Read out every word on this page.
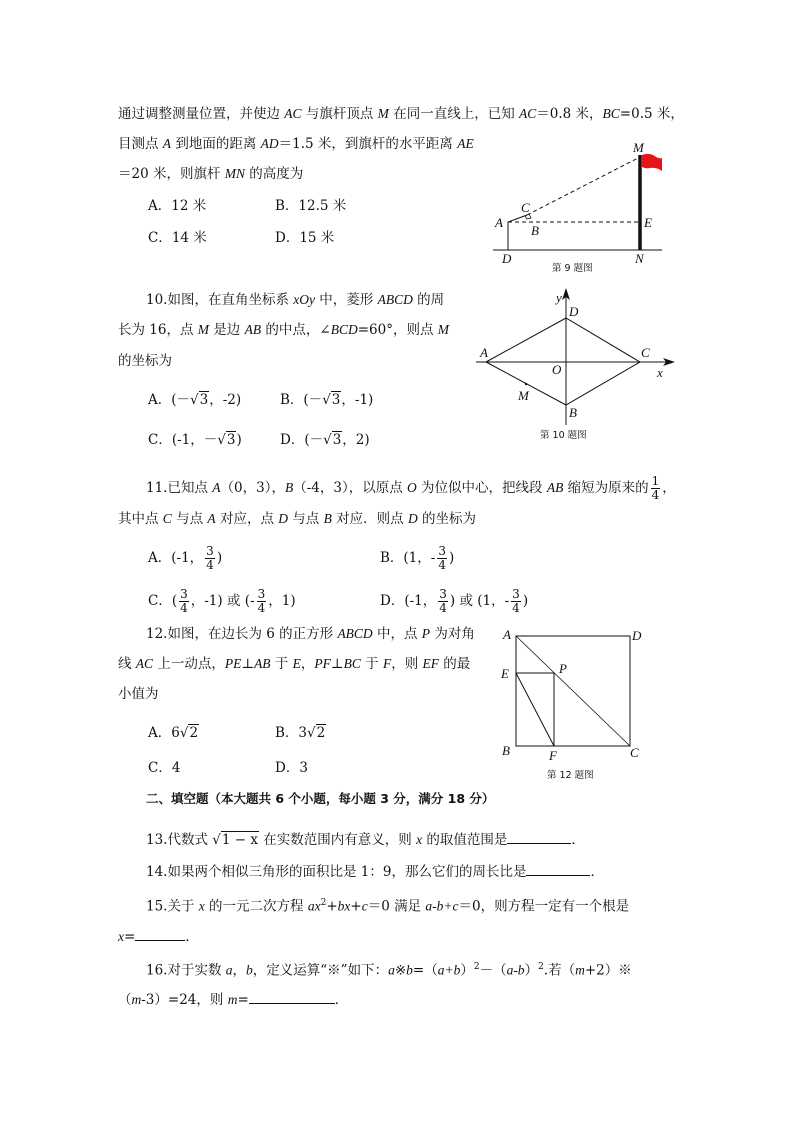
通过调整测量位置，并使边 AC 与旗杆顶点 M 在同一直线上，已知 AC＝0.8 米，BC=0.5 米，
目测点 A 到地面的距离 AD＝1.5 米，到旗杆的水平距离 AE
＝20 米，则旗杆 MN 的高度为
A．12 米	B．12.5 米
C．14 米	D．15 米
M
C
A
B
E
D	N
第 9 题图
y
x
A	C
D
B
O
M
第 10 题图
A	D
E	P
B	F	C
第 12 题图
10.如图，在直角坐标系 xOy 中，菱形 ABCD 的周
长为 16，点 M 是边 AB 的中点，∠BCD=60°，则点 M
的坐标为
A．(－√3，-2)	B．(－√3，-1)
C．(-1，－√3)	D．(－√3，2)
11.已知点 A（0，3），B（-4，3），以原点 O 为位似中心，把线段 AB 缩短为原来的 $\frac{1}{4}$ ，
其中点 C 与点 A 对应，点 D 与点 B 对应．则点 D 的坐标为
A．(-1， $\frac{3}{4}$ )	B．(1，- $\frac{3}{4}$ )
C．( $\frac{3}{4}$ ，-1) 或 (- $\frac{3}{4}$ ，1)	D．(-1， $\frac{3}{4}$ ) 或 (1，- $\frac{3}{4}$ )
12.如图，在边长为 6 的正方形 ABCD 中，点 P 为对角
线 AC 上一动点，PE⊥AB 于 E，PF⊥BC 于 F，则 EF 的最
小值为
A．6√2	B．3√2
C．4	D．3
二、填空题（本大题共 6 个小题，每小题 3 分，满分 18 分）
13.代数式 √1 − x 在实数范围内有意义，则 x 的取值范围是	．
14.如果两个相似三角形的面积比是 1：9，那么它们的周长比是	．
15.关于 x 的一元二次方程 $ax^2+bx+c=0$ 满足 a-b+c＝0，则方程一定有一个根是
x=	．
16.对于实数 a，b，定义运算“※”如下：$a※b=(a+b)^2-(a-b)^2$.若（m+2）※
（m-3）=24，则 m=	．
